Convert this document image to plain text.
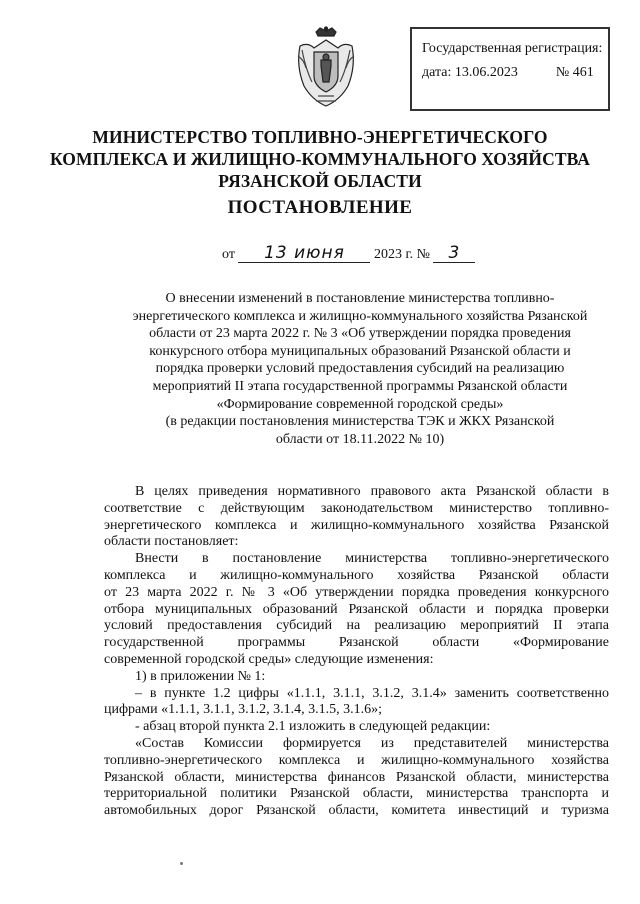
Государственная регистрация:
дата: 13.06.2023	№ 461
МИНИСТЕРСТВО ТОПЛИВНО-ЭНЕРГЕТИЧЕСКОГО
КОМПЛЕКСА И ЖИЛИЩНО-КОММУНАЛЬНОГО ХОЗЯЙСТВА
РЯЗАНСКОЙ ОБЛАСТИ
ПОСТАНОВЛЕНИЕ
от 13 июня 2023 г. № 3
О внесении изменений в постановление министерства топливно-
энергетического комплекса и жилищно-коммунального хозяйства Рязанской
области от 23 марта 2022 г. № 3 «Об утверждении порядка проведения
конкурсного отбора муниципальных образований Рязанской области и
порядка проверки условий предоставления субсидий на реализацию
мероприятий II этапа государственной программы Рязанской области
«Формирование современной городской среды»
(в редакции постановления министерства ТЭК и ЖКХ Рязанской
области от 18.11.2022 № 10)
В целях приведения нормативного правового акта Рязанской области в
соответствие с действующим законодательством министерство топливно-
энергетического комплекса и жилищно-коммунального хозяйства Рязанской
области постановляет:
Внести в постановление министерства топливно-энергетического
комплекса и жилищно-коммунального хозяйства Рязанской области
от 23 марта 2022 г. № 3 «Об утверждении порядка проведения конкурсного
отбора муниципальных образований Рязанской области и порядка проверки
условий предоставления субсидий на реализацию мероприятий II этапа
государственной программы Рязанской области «Формирование
современной городской среды» следующие изменения:
1) в приложении № 1:
– в пункте 1.2 цифры «1.1.1, 3.1.1, 3.1.2, 3.1.4» заменить соответственно
цифрами «1.1.1, 3.1.1, 3.1.2, 3.1.4, 3.1.5, 3.1.6»;
- абзац второй пункта 2.1 изложить в следующей редакции:
«Состав Комиссии формируется из представителей министерства
топливно-энергетического комплекса и жилищно-коммунального хозяйства
Рязанской области, министерства финансов Рязанской области, министерства
территориальной политики Рязанской области, министерства транспорта и
автомобильных дорог Рязанской области, комитета инвестиций и туризма
